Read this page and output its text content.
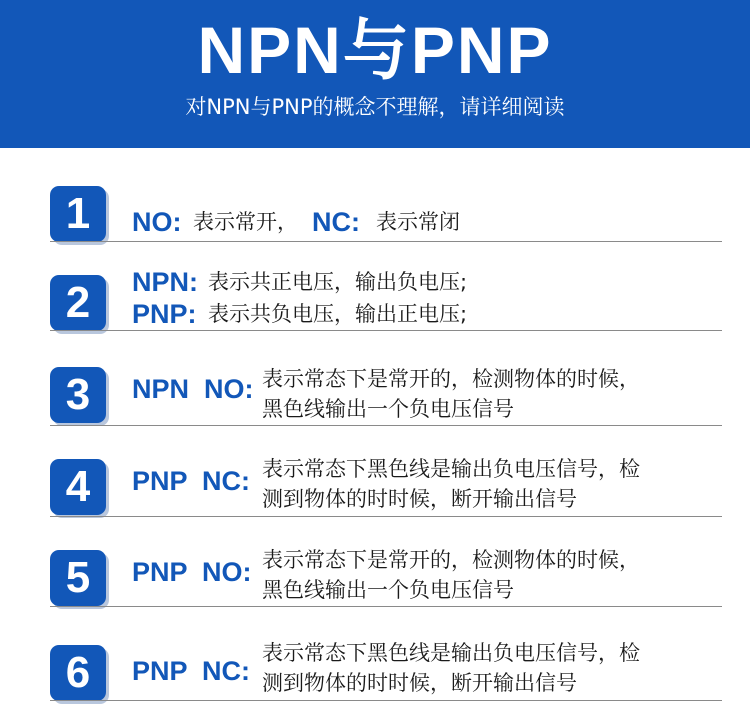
NPN与PNP
对NPN与PNP的概念不理解，请详细阅读
1	NO: 表示常开， NC: 表示常闭
2	NPN: 表示共正电压，输出负电压;
PNP: 表示共负电压，输出正电压;
3	NPN  NO: 表示常态下是常开的，检测物体的时候，
黑色线输出一个负电压信号
4	PNP  NC: 表示常态下黑色线是输出负电压信号，检
测到物体的时时候，断开输出信号
5	PNP  NO: 表示常态下是常开的，检测物体的时候，
黑色线输出一个负电压信号
6	PNP  NC:
表示常态下黑色线是输出负电压信号，检
测到物体的时时候，断开输出信号
